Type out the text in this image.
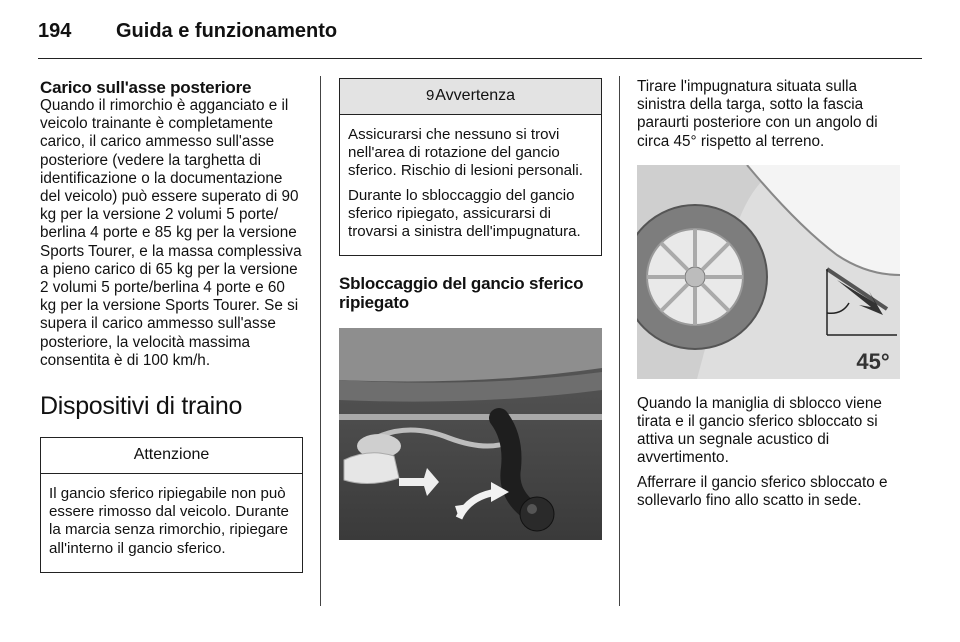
194 Guida e funzionamento
Carico sull'asse posteriore

Quando il rimorchio è agganciato e il veicolo trainante è completamente carico, il carico ammesso sull'asse posteriore (vedere la targhetta di identificazione o la documentazione del veicolo) può essere superato di 90 kg per la versione 2 volumi 5 porte/ berlina 4 porte e 85 kg per la versione Sports Tourer, e la massa complessiva a pieno carico di 65 kg per la versione 2 volumi 5 porte/berlina 4 porte e 60 kg per la versione Sports Tourer. Se si supera il carico ammesso sull'asse posteriore, la velocità massima consentita è di 100 km/h.

Dispositivi di traino
Attenzione

Il gancio sferico ripiegabile non può essere rimosso dal veicolo. Durante la marcia senza rimorchio, ripiegare all'interno il gancio sferico.

9Avvertenza

Assicurarsi che nessuno si trovi nell'area di rotazione del gancio sferico. Rischio di lesioni personali.

Durante lo sbloccaggio del gancio sferico ripiegato, assicurarsi di trovarsi a sinistra dell'impugnatura.

Sbloccaggio del gancio sferico ripiegato

Tirare l'impugnatura situata sulla sinistra della targa, sotto la fascia paraurti posteriore con un angolo di circa 45° rispetto al terreno.

45°

Quando la maniglia di sblocco viene tirata e il gancio sferico sbloccato si attiva un segnale acustico di avvertimento.

Afferrare il gancio sferico sbloccato e sollevarlo fino allo scatto in sede.
